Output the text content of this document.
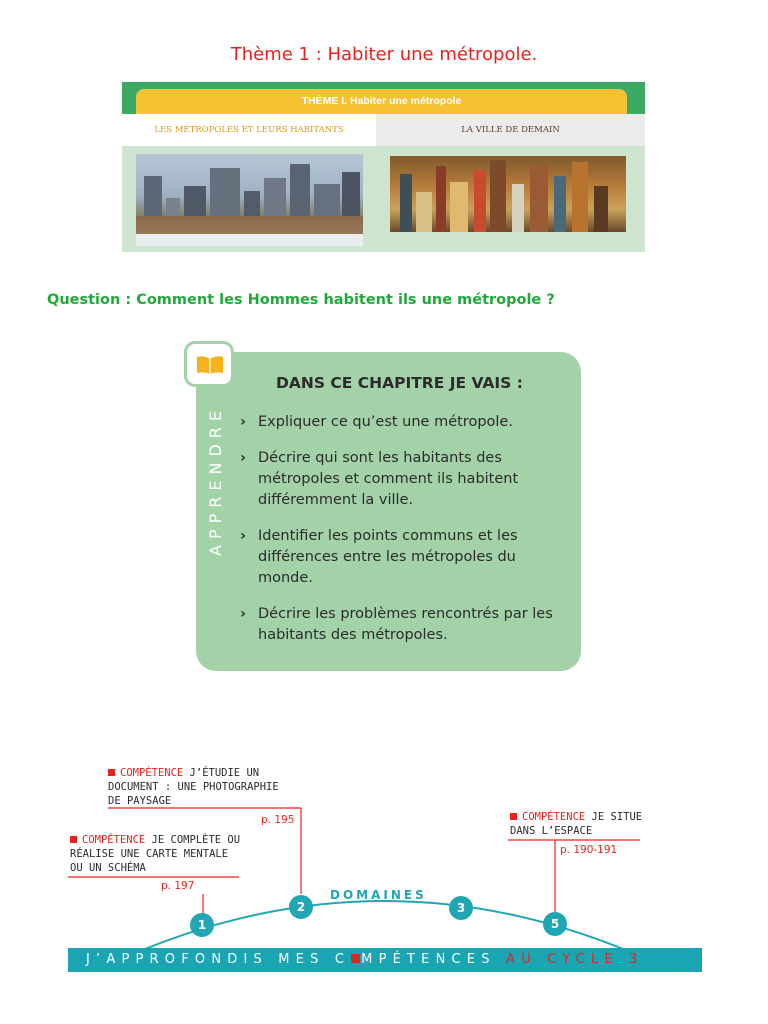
Thème 1 : Habiter une métropole.
THÈME I. Habiter une métropole
LES MÉTROPOLES ET LEURS HABITANTS	LA VILLE DE DEMAIN
Question : Comment les Hommes habitent ils une métropole ?
APPRENDRE
DANS CE CHAPITRE JE VAIS :
› Expliquer ce qu’est une métropole.
› Décrire qui sont les habitants des métropoles et comment ils habitent différemment la ville.
› Identifier les points communs et les différences entre les métropoles du monde.
› Décrire les problèmes rencontrés par les habitants des métropoles.
COMPÉTENCE J’ÉTUDIE UN
DOCUMENT : UNE PHOTOGRAPHIE
DE PAYSAGE
p. 195
COMPÉTENCE JE COMPLÈTE OU
RÉALISE UNE CARTE MENTALE
OU UN SCHÉMA
p. 197
COMPÉTENCE JE SITUE
DANS L’ESPACE
p. 190-191
DOMAINES
1
2	3
5
J’APPROFONDIS MES C MPÉTENCES AU CYCLE 3
